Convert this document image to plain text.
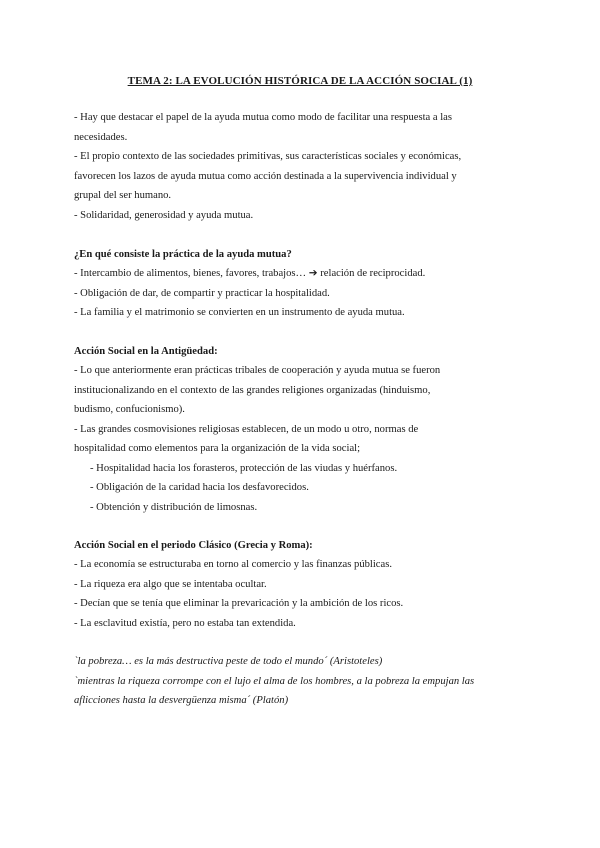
TEMA 2: LA EVOLUCIÓN HISTÓRICA DE LA ACCIÓN SOCIAL (1)
- Hay que destacar el papel de la ayuda mutua como modo de facilitar una respuesta a las
necesidades.
- El propio contexto de las sociedades primitivas, sus características sociales y económicas,
favorecen los lazos de ayuda mutua como acción destinada a la supervivencia individual y
grupal del ser humano.
- Solidaridad, generosidad y ayuda mutua.
¿En qué consiste la práctica de la ayuda mutua?
- Intercambio de alimentos, bienes, favores, trabajos… ➔ relación de reciprocidad.
- Obligación de dar, de compartir y practicar la hospitalidad.
- La familia y el matrimonio se convierten en un instrumento de ayuda mutua.
Acción Social en la Antigüedad:
- Lo que anteriormente eran prácticas tribales de cooperación y ayuda mutua se fueron
institucionalizando en el contexto de las grandes religiones organizadas (hinduismo,
budismo, confucionismo).
- Las grandes cosmovisiones religiosas establecen, de un modo u otro, normas de
hospitalidad como elementos para la organización de la vida social;
- Hospitalidad hacia los forasteros, protección de las viudas y huérfanos.
- Obligación de la caridad hacia los desfavorecidos.
- Obtención y distribución de limosnas.
Acción Social en el periodo Clásico (Grecia y Roma):
- La economía se estructuraba en torno al comercio y las finanzas públicas.
- La riqueza era algo que se intentaba ocultar.
- Decían que se tenía que eliminar la prevaricación y la ambición de los ricos.
- La esclavitud existía, pero no estaba tan extendida.
`la pobreza… es la más destructiva peste de todo el mundo´ (Aristoteles)
`mientras la riqueza corrompe con el lujo el alma de los hombres, a la pobreza la empujan las
aflicciones hasta la desvergüenza misma´ (Platón)
